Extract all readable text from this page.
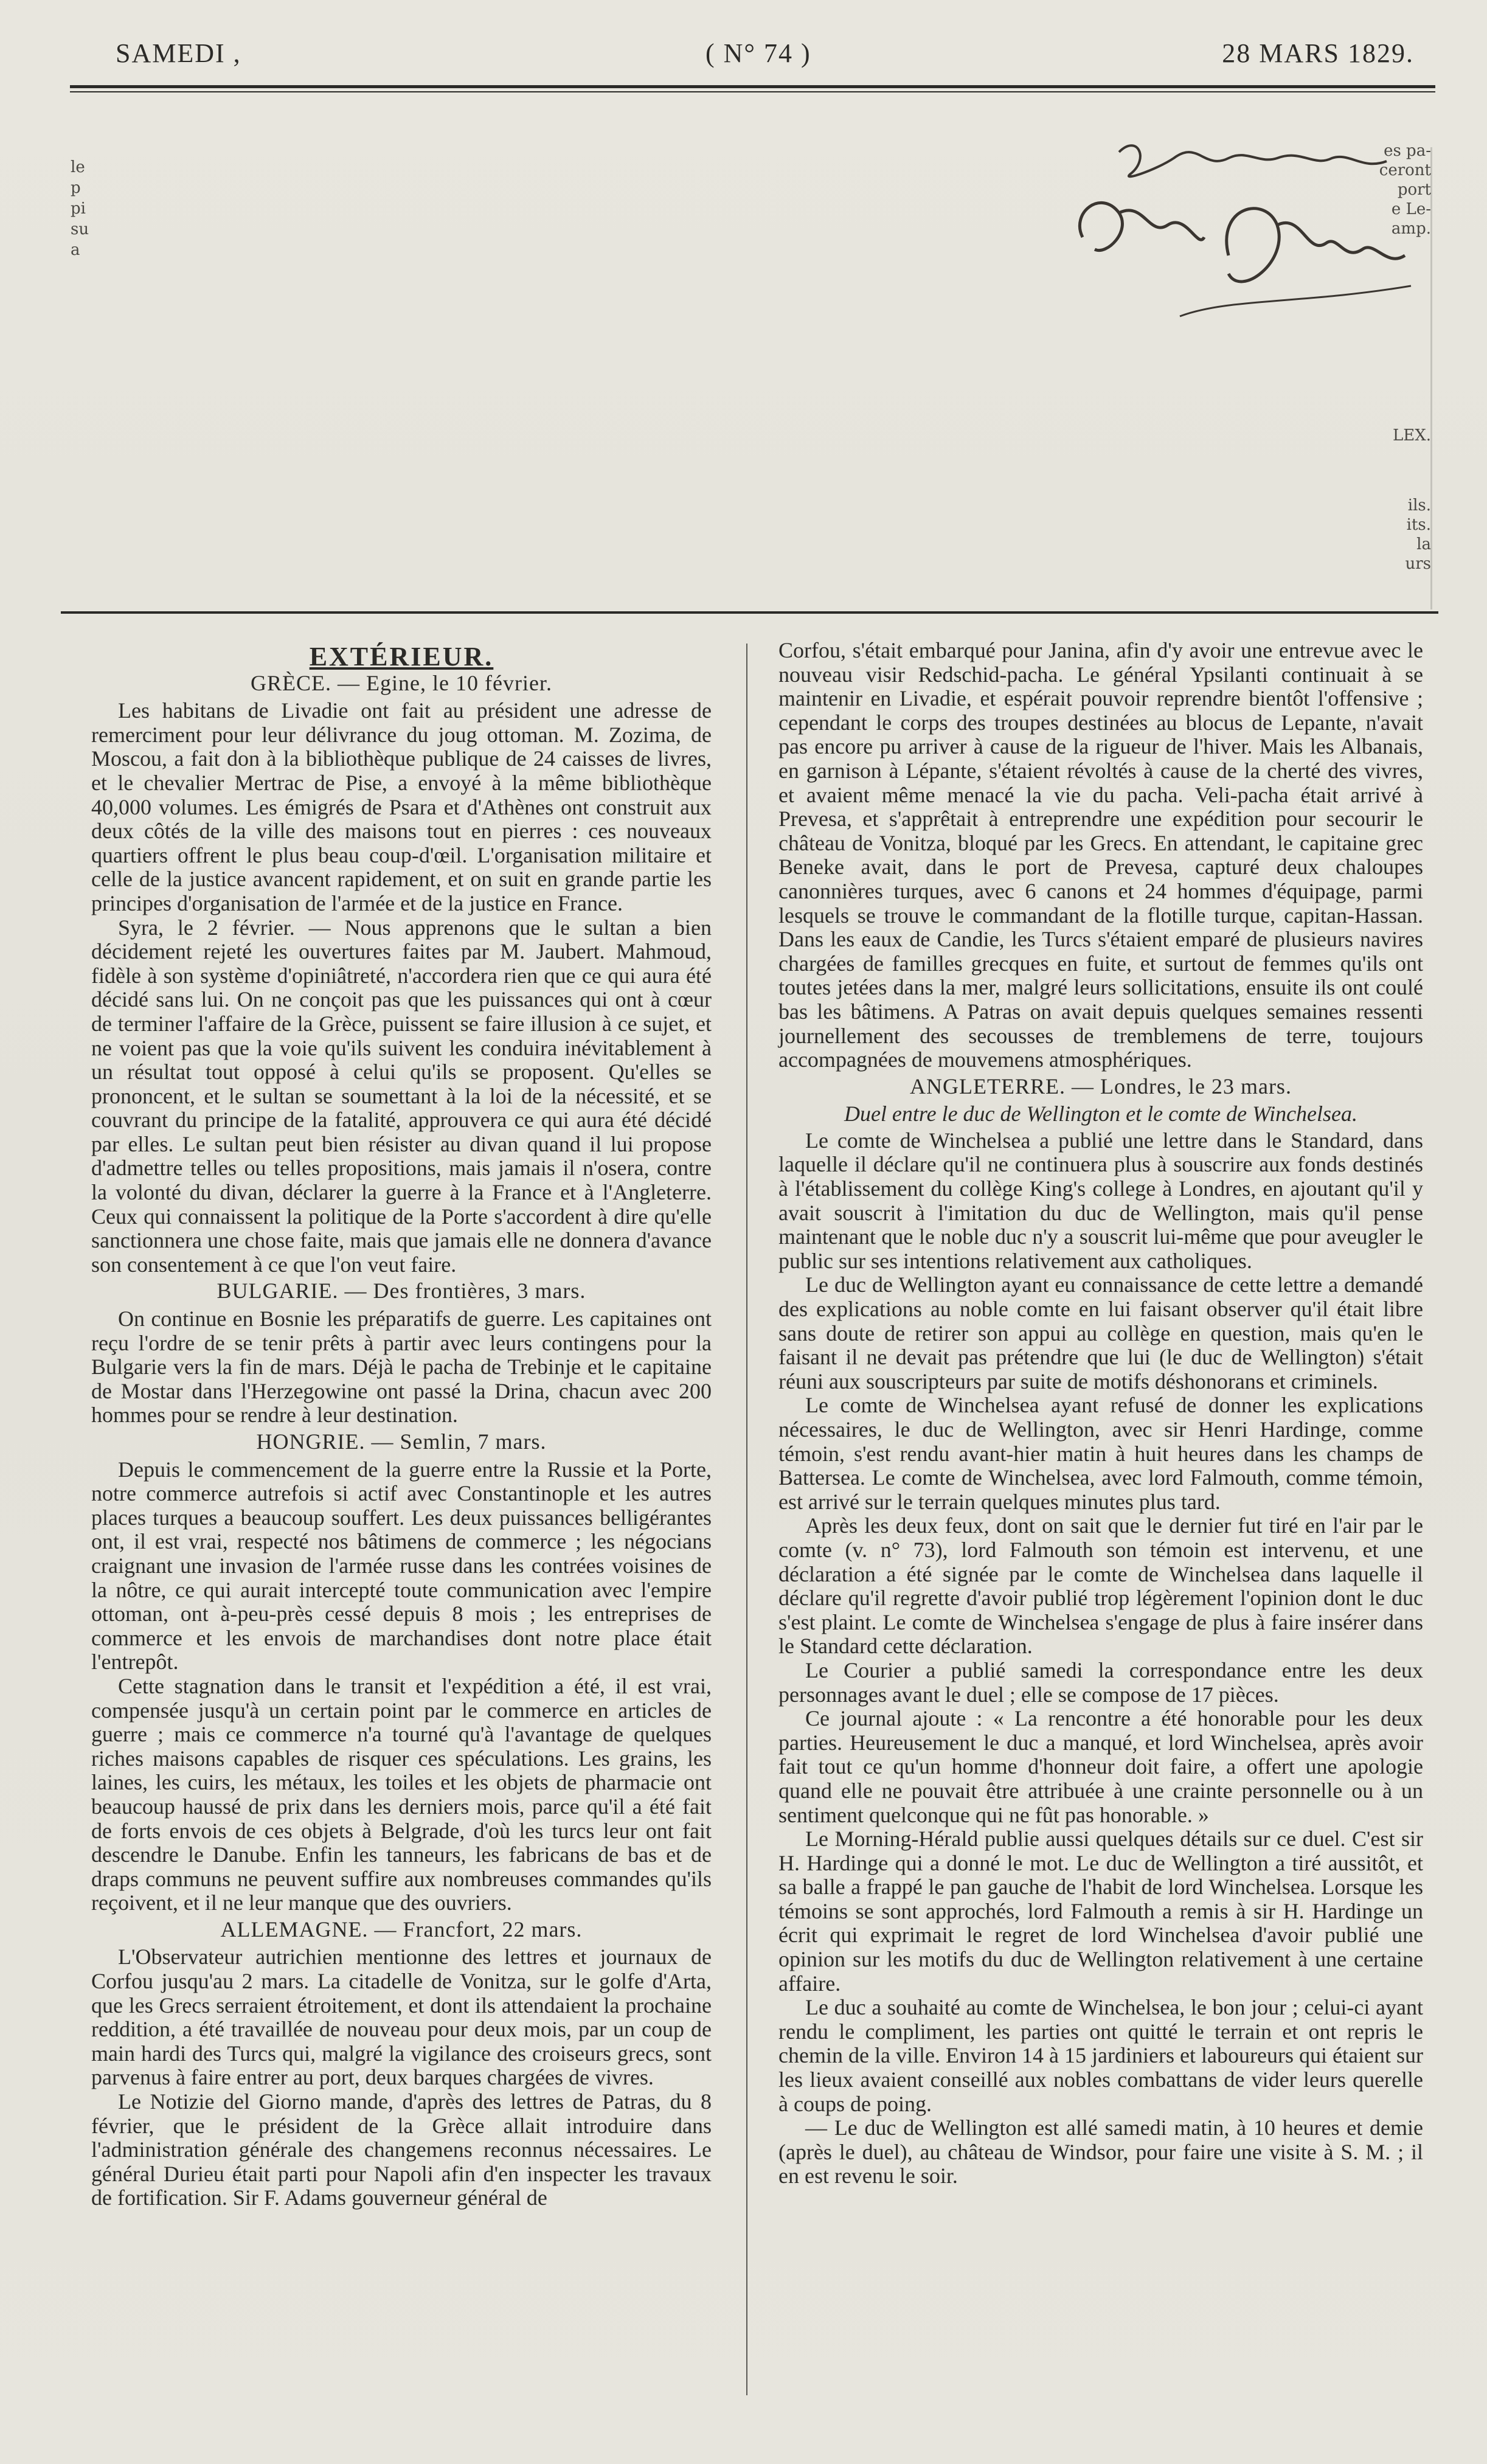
SAMEDI ,	( N° 74 )	28 MARS 1829.
le
p
pi
su
a
es pa-
ceront
port
e Le-
amp.
LEX.
ils.
its.
la
urs
EXTÉRIEUR.
GRÈCE. — Egine, le 10 février.

Les habitans de Livadie ont fait au président une adresse de remerciment pour leur délivrance du joug ottoman. M. Zozima, de Moscou, a fait don à la bibliothèque publique de 24 caisses de livres, et le chevalier Mertrac de Pise, a envoyé à la même bibliothèque 40,000 volumes. Les émigrés de Psara et d'Athènes ont construit aux deux côtés de la ville des maisons tout en pierres : ces nouveaux quartiers offrent le plus beau coup-d'œil. L'organisation militaire et celle de la justice avancent rapidement, et on suit en grande partie les principes d'organisation de l'armée et de la justice en France.

Syra, le 2 février. — Nous apprenons que le sultan a bien décidement rejeté les ouvertures faites par M. Jaubert. Mahmoud, fidèle à son système d'opiniâtreté, n'accordera rien que ce qui aura été décidé sans lui. On ne conçoit pas que les puissances qui ont à cœur de terminer l'affaire de la Grèce, puissent se faire illusion à ce sujet, et ne voient pas que la voie qu'ils suivent les conduira inévitablement à un résultat tout opposé à celui qu'ils se proposent. Qu'elles se prononcent, et le sultan se soumettant à la loi de la nécessité, et se couvrant du principe de la fatalité, approuvera ce qui aura été décidé par elles. Le sultan peut bien résister au divan quand il lui propose d'admettre telles ou telles propositions, mais jamais il n'osera, contre la volonté du divan, déclarer la guerre à la France et à l'Angleterre. Ceux qui connaissent la politique de la Porte s'accordent à dire qu'elle sanctionnera une chose faite, mais que jamais elle ne donnera d'avance son consentement à ce que l'on veut faire.

BULGARIE. — Des frontières, 3 mars.

On continue en Bosnie les préparatifs de guerre. Les capitaines ont reçu l'ordre de se tenir prêts à partir avec leurs contingens pour la Bulgarie vers la fin de mars. Déjà le pacha de Trebinje et le capitaine de Mostar dans l'Herzegowine ont passé la Drina, chacun avec 200 hommes pour se rendre à leur destination.

HONGRIE. — Semlin, 7 mars.

Depuis le commencement de la guerre entre la Russie et la Porte, notre commerce autrefois si actif avec Constantinople et les autres places turques a beaucoup souffert. Les deux puissances belligérantes ont, il est vrai, respecté nos bâtimens de commerce ; les négocians craignant une invasion de l'armée russe dans les contrées voisines de la nôtre, ce qui aurait intercepté toute communication avec l'empire ottoman, ont à-peu-près cessé depuis 8 mois ; les entreprises de commerce et les envois de marchandises dont notre place était l'entrepôt.

Cette stagnation dans le transit et l'expédition a été, il est vrai, compensée jusqu'à un certain point par le commerce en articles de guerre ; mais ce commerce n'a tourné qu'à l'avantage de quelques riches maisons capables de risquer ces spéculations. Les grains, les laines, les cuirs, les métaux, les toiles et les objets de pharmacie ont beaucoup haussé de prix dans les derniers mois, parce qu'il a été fait de forts envois de ces objets à Belgrade, d'où les turcs leur ont fait descendre le Danube. Enfin les tanneurs, les fabricans de bas et de draps communs ne peuvent suffire aux nombreuses commandes qu'ils reçoivent, et il ne leur manque que des ouvriers.

ALLEMAGNE. — Francfort, 22 mars.

L'Observateur autrichien mentionne des lettres et journaux de Corfou jusqu'au 2 mars. La citadelle de Vonitza, sur le golfe d'Arta, que les Grecs serraient étroitement, et dont ils attendaient la prochaine reddition, a été travaillée de nouveau pour deux mois, par un coup de main hardi des Turcs qui, malgré la vigilance des croiseurs grecs, sont parvenus à faire entrer au port, deux barques chargées de vivres.

Le Notizie del Giorno mande, d'après des lettres de Patras, du 8 février, que le président de la Grèce allait introduire dans l'administration générale des changemens reconnus nécessaires. Le général Durieu était parti pour Napoli afin d'en inspecter les travaux de fortification. Sir F. Adams gouverneur général de

Corfou, s'était embarqué pour Janina, afin d'y avoir une entrevue avec le nouveau visir Redschid-pacha. Le général Ypsilanti continuait à se maintenir en Livadie, et espérait pouvoir reprendre bientôt l'offensive ; cependant le corps des troupes destinées au blocus de Lepante, n'avait pas encore pu arriver à cause de la rigueur de l'hiver. Mais les Albanais, en garnison à Lépante, s'étaient révoltés à cause de la cherté des vivres, et avaient même menacé la vie du pacha. Veli-pacha était arrivé à Prevesa, et s'apprêtait à entreprendre une expédition pour secourir le château de Vonitza, bloqué par les Grecs. En attendant, le capitaine grec Beneke avait, dans le port de Prevesa, capturé deux chaloupes canonnières turques, avec 6 canons et 24 hommes d'équipage, parmi lesquels se trouve le commandant de la flotille turque, capitan-Hassan. Dans les eaux de Candie, les Turcs s'étaient emparé de plusieurs navires chargées de familles grecques en fuite, et surtout de femmes qu'ils ont toutes jetées dans la mer, malgré leurs sollicitations, ensuite ils ont coulé bas les bâtimens. A Patras on avait depuis quelques semaines ressenti journellement des secousses de tremblemens de terre, toujours accompagnées de mouvemens atmosphériques.

ANGLETERRE. — Londres, le 23 mars.
Duel entre le duc de Wellington et le comte de Winchelsea.

Le comte de Winchelsea a publié une lettre dans le Standard, dans laquelle il déclare qu'il ne continuera plus à souscrire aux fonds destinés à l'établissement du collège King's college à Londres, en ajoutant qu'il y avait souscrit à l'imitation du duc de Wellington, mais qu'il pense maintenant que le noble duc n'y a souscrit lui-même que pour aveugler le public sur ses intentions relativement aux catholiques.

Le duc de Wellington ayant eu connaissance de cette lettre a demandé des explications au noble comte en lui faisant observer qu'il était libre sans doute de retirer son appui au collège en question, mais qu'en le faisant il ne devait pas prétendre que lui (le duc de Wellington) s'était réuni aux souscripteurs par suite de motifs déshonorans et criminels.

Le comte de Winchelsea ayant refusé de donner les explications nécessaires, le duc de Wellington, avec sir Henri Hardinge, comme témoin, s'est rendu avant-hier matin à huit heures dans les champs de Battersea. Le comte de Winchelsea, avec lord Falmouth, comme témoin, est arrivé sur le terrain quelques minutes plus tard.

Après les deux feux, dont on sait que le dernier fut tiré en l'air par le comte (v. n° 73), lord Falmouth son témoin est intervenu, et une déclaration a été signée par le comte de Winchelsea dans laquelle il déclare qu'il regrette d'avoir publié trop légèrement l'opinion dont le duc s'est plaint. Le comte de Winchelsea s'engage de plus à faire insérer dans le Standard cette déclaration.

Le Courier a publié samedi la correspondance entre les deux personnages avant le duel ; elle se compose de 17 pièces.

Ce journal ajoute : « La rencontre a été honorable pour les deux parties. Heureusement le duc a manqué, et lord Winchelsea, après avoir fait tout ce qu'un homme d'honneur doit faire, a offert une apologie quand elle ne pouvait être attribuée à une crainte personnelle ou à un sentiment quelconque qui ne fût pas honorable. »

Le Morning-Hérald publie aussi quelques détails sur ce duel. C'est sir H. Hardinge qui a donné le mot. Le duc de Wellington a tiré aussitôt, et sa balle a frappé le pan gauche de l'habit de lord Winchelsea. Lorsque les témoins se sont approchés, lord Falmouth a remis à sir H. Hardinge un écrit qui exprimait le regret de lord Winchelsea d'avoir publié une opinion sur les motifs du duc de Wellington relativement à une certaine affaire.

Le duc a souhaité au comte de Winchelsea, le bon jour ; celui-ci ayant rendu le compliment, les parties ont quitté le terrain et ont repris le chemin de la ville. Environ 14 à 15 jardiniers et laboureurs qui étaient sur les lieux avaient conseillé aux nobles combattans de vider leurs querelle à coups de poing.

— Le duc de Wellington est allé samedi matin, à 10 heures et demie (après le duel), au château de Windsor, pour faire une visite à S. M. ; il en est revenu le soir.
